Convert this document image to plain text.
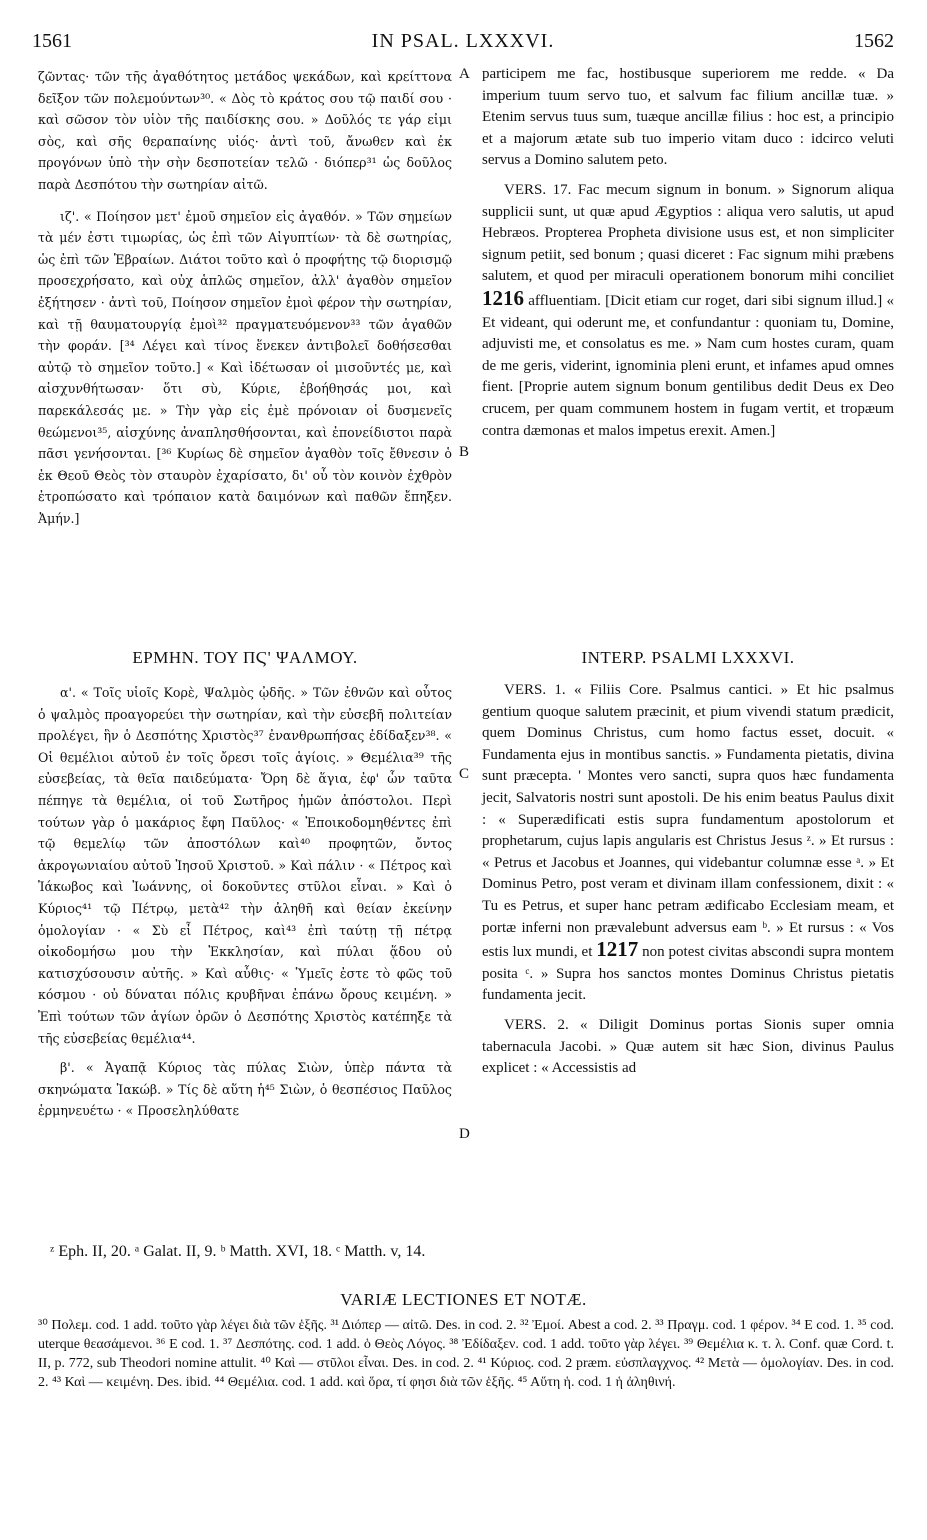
1561	IN PSAL. LXXXVI.	1562

ζῶντας· τῶν τῆς ἀγαθότητος μετάδος ψεκάδων, καὶ κρείττονα δεῖξον τῶν πολεμούντων³⁰. « Δὸς τὸ κράτος σου τῷ παιδί σου · καὶ σῶσον τὸν υἱὸν τῆς παιδίσκης σου. » Δοῦλός τε γάρ εἰμι σὸς, καὶ σῆς θεραπαίνης υἱός· ἀντὶ τοῦ, ἄνωθεν καὶ ἐκ προγόνων ὑπὸ τὴν σὴν δεσποτείαν τελῶ · διόπερ³¹ ὡς δοῦλος παρὰ Δεσπότου τὴν σωτηρίαν αἰτῶ.

ιζ'. « Ποίησον μετ' ἐμοῦ σημεῖον εἰς ἀγαθόν. » Τῶν σημείων τὰ μέν ἐστι τιμωρίας, ὡς ἐπὶ τῶν Αἰγυπτίων· τὰ δὲ σωτηρίας, ὡς ἐπὶ τῶν Ἑβραίων. Διάτοι τοῦτο καὶ ὁ προφήτης τῷ διορισμῷ προσεχρήσατο, καὶ οὐχ ἁπλῶς σημεῖον, ἀλλ' ἀγαθὸν σημεῖον ἐξήτησεν · ἀντὶ τοῦ, Ποίησον σημεῖον ἐμοὶ φέρον τὴν σωτηρίαν, καὶ τῇ θαυματουργίᾳ ἐμοὶ³² πραγματευόμενον³³ τῶν ἀγαθῶν τὴν φοράν. [³⁴ Λέγει καὶ τίνος ἕνεκεν ἀντιβολεῖ δοθήσεσθαι αὐτῷ τὸ σημεῖον τοῦτο.] « Καὶ ἰδέτωσαν οἱ μισοῦντές με, καὶ αἰσχυνθήτωσαν· ὅτι σὺ, Κύριε, ἐβοήθησάς μοι, καὶ παρεκάλεσάς με. » Τὴν γὰρ εἰς ἐμὲ πρόνοιαν οἱ δυσμενεῖς θεώμενοι³⁵, αἰσχύνης ἀναπλησθήσονται, καὶ ἐπονείδιστοι παρὰ πᾶσι γενήσονται. [³⁶ Κυρίως δὲ σημεῖον ἀγαθὸν τοῖς ἔθνεσιν ὁ ἐκ Θεοῦ Θεὸς τὸν σταυρὸν ἐχαρίσατο, δι' οὗ τὸν κοινὸν ἐχθρὸν ἐτροπώσατο καὶ τρόπαιον κατὰ δαιμόνων καὶ παθῶν ἔπηξεν. Ἀμήν.]

ΕΡΜΗΝ. ΤΟΥ ΠϚ' ΨΑΛΜΟΥ.

α'. « Τοῖς υἱοῖς Κορὲ, Ψαλμὸς ᾠδῆς. » Τῶν ἐθνῶν καὶ οὗτος ὁ ψαλμὸς προαγορεύει τὴν σωτηρίαν, καὶ τὴν εὐσεβῆ πολιτείαν προλέγει, ἣν ὁ Δεσπότης Χριστὸς³⁷ ἐνανθρωπήσας ἐδίδαξεν³⁸. « Οἱ θεμέλιοι αὐτοῦ ἐν τοῖς ὄρεσι τοῖς ἁγίοις. » Θεμέλια³⁹ τῆς εὐσεβείας, τὰ θεῖα παιδεύματα· Ὄρη δὲ ἅγια, ἐφ' ὧν ταῦτα πέπηγε τὰ θεμέλια, οἱ τοῦ Σωτῆρος ἡμῶν ἀπόστολοι. Περὶ τούτων γὰρ ὁ μακάριος ἔφη Παῦλος· « Ἐποικοδομηθέντες ἐπὶ τῷ θεμελίῳ τῶν ἀποστόλων καὶ⁴⁰ προφητῶν, ὄντος ἀκρογωνιαίου αὐτοῦ Ἰησοῦ Χριστοῦ. » Καὶ πάλιν · « Πέτρος καὶ Ἰάκωβος καὶ Ἰωάννης, οἱ δοκοῦντες στῦλοι εἶναι. » Καὶ ὁ Κύριος⁴¹ τῷ Πέτρῳ, μετὰ⁴² τὴν ἀληθῆ καὶ θείαν ἐκείνην ὁμολογίαν · « Σὺ εἶ Πέτρος, καὶ⁴³ ἐπὶ ταύτῃ τῇ πέτρᾳ οἰκοδομήσω μου τὴν Ἐκκλησίαν, καὶ πύλαι ᾅδου οὐ κατισχύσουσιν αὐτῆς. » Καὶ αὖθις· « Ὑμεῖς ἐστε τὸ φῶς τοῦ κόσμου · οὐ δύναται πόλις κρυβῆναι ἐπάνω ὄρους κειμένη. » Ἐπὶ τούτων τῶν ἁγίων ὀρῶν ὁ Δεσπότης Χριστὸς κατέπηξε τὰ τῆς εὐσεβείας θεμέλια⁴⁴.

β'. « Ἀγαπᾷ Κύριος τὰς πύλας Σιὼν, ὑπὲρ πάντα τὰ σκηνώματα Ἰακώβ. » Τίς δὲ αὕτη ἡ⁴⁵ Σιὼν, ὁ θεσπέσιος Παῦλος ἑρμηνευέτω · « Προσεληλύθατε

A
B
C
D

participem me fac, hostibusque superiorem me redde. « Da imperium tuum servo tuo, et salvum fac filium ancillæ tuæ. » Etenim servus tuus sum, tuæque ancillæ filius : hoc est, a principio et a majorum ætate sub tuo imperio vitam duco : idcirco veluti servus a Domino salutem peto.

VERS. 17. Fac mecum signum in bonum. » Signorum aliqua supplicii sunt, ut quæ apud Ægyptios : aliqua vero salutis, ut apud Hebræos. Propterea Propheta divisione usus est, et non simpliciter signum petiit, sed bonum ; quasi diceret : Fac signum mihi præbens salutem, et quod per miraculi operationem bonorum mihi conciliet 1216 affluentiam. [Dicit etiam cur roget, dari sibi signum illud.] « Et videant, qui oderunt me, et confundantur : quoniam tu, Domine, adjuvisti me, et consolatus es me. » Nam cum hostes curam, quam de me geris, viderint, ignominia pleni erunt, et infames apud omnes fient. [Proprie autem signum bonum gentilibus dedit Deus ex Deo crucem, per quam communem hostem in fugam vertit, et tropæum contra dæmonas et malos impetus erexit. Amen.]

INTERP. PSALMI LXXXVI.

VERS. 1. « Filiis Core. Psalmus cantici. » Et hic psalmus gentium quoque salutem præcinit, et pium vivendi statum prædicit, quem Dominus Christus, cum homo factus esset, docuit. « Fundamenta ejus in montibus sanctis. » Fundamenta pietatis, divina sunt præcepta. ' Montes vero sancti, supra quos hæc fundamenta jecit, Salvatoris nostri sunt apostoli. De his enim beatus Paulus dixit : « Superædificati estis supra fundamentum apostolorum et prophetarum, cujus lapis angularis est Christus Jesus ᶻ. » Et rursus : « Petrus et Jacobus et Joannes, qui videbantur columnæ esse ᵃ. » Et Dominus Petro, post veram et divinam illam confessionem, dixit : « Tu es Petrus, et super hanc petram ædificabo Ecclesiam meam, et portæ inferni non prævalebunt adversus eam ᵇ. » Et rursus : « Vos estis lux mundi, et 1217 non potest civitas abscondi supra montem posita ᶜ. » Supra hos sanctos montes Dominus Christus pietatis fundamenta jecit.

VERS. 2. « Diligit Dominus portas Sionis super omnia tabernacula Jacobi. » Quæ autem sit hæc Sion, divinus Paulus explicet : « Accessistis ad

ᶻ Eph. II, 20. ᵃ Galat. II, 9. ᵇ Matth. XVI, 18. ᶜ Matth. v, 14.
VARIÆ LECTIONES ET NOTÆ.
³⁰ Πολεμ. cod. 1 add. τοῦτο γὰρ λέγει διὰ τῶν ἑξῆς. ³¹ Διόπερ — αἰτῶ. Des. in cod. 2. ³² Ἐμοί. Abest a cod. 2. ³³ Πραγμ. cod. 1 φέρον. ³⁴ E cod. 1. ³⁵ cod. uterque θεασάμενοι. ³⁶ E cod. 1. ³⁷ Δεσπότης. cod. 1 add. ὁ Θεὸς Λόγος. ³⁸ Ἐδίδαξεν. cod. 1 add. τοῦτο γὰρ λέγει. ³⁹ Θεμέλια κ. τ. λ. Conf. quæ Cord. t. II, p. 772, sub Theodori nomine attulit. ⁴⁰ Καὶ — στῦλοι εἶναι. Des. in cod. 2. ⁴¹ Κύριος. cod. 2 præm. εὐσπλαγχνος. ⁴² Μετὰ — ὁμολογίαν. Des. in cod. 2. ⁴³ Καὶ — κειμένη. Des. ibid. ⁴⁴ Θεμέλια. cod. 1 add. καὶ ὅρα, τί φησι διὰ τῶν ἑξῆς. ⁴⁵ Αὕτη ἡ. cod. 1 ἡ ἀληθινή.
